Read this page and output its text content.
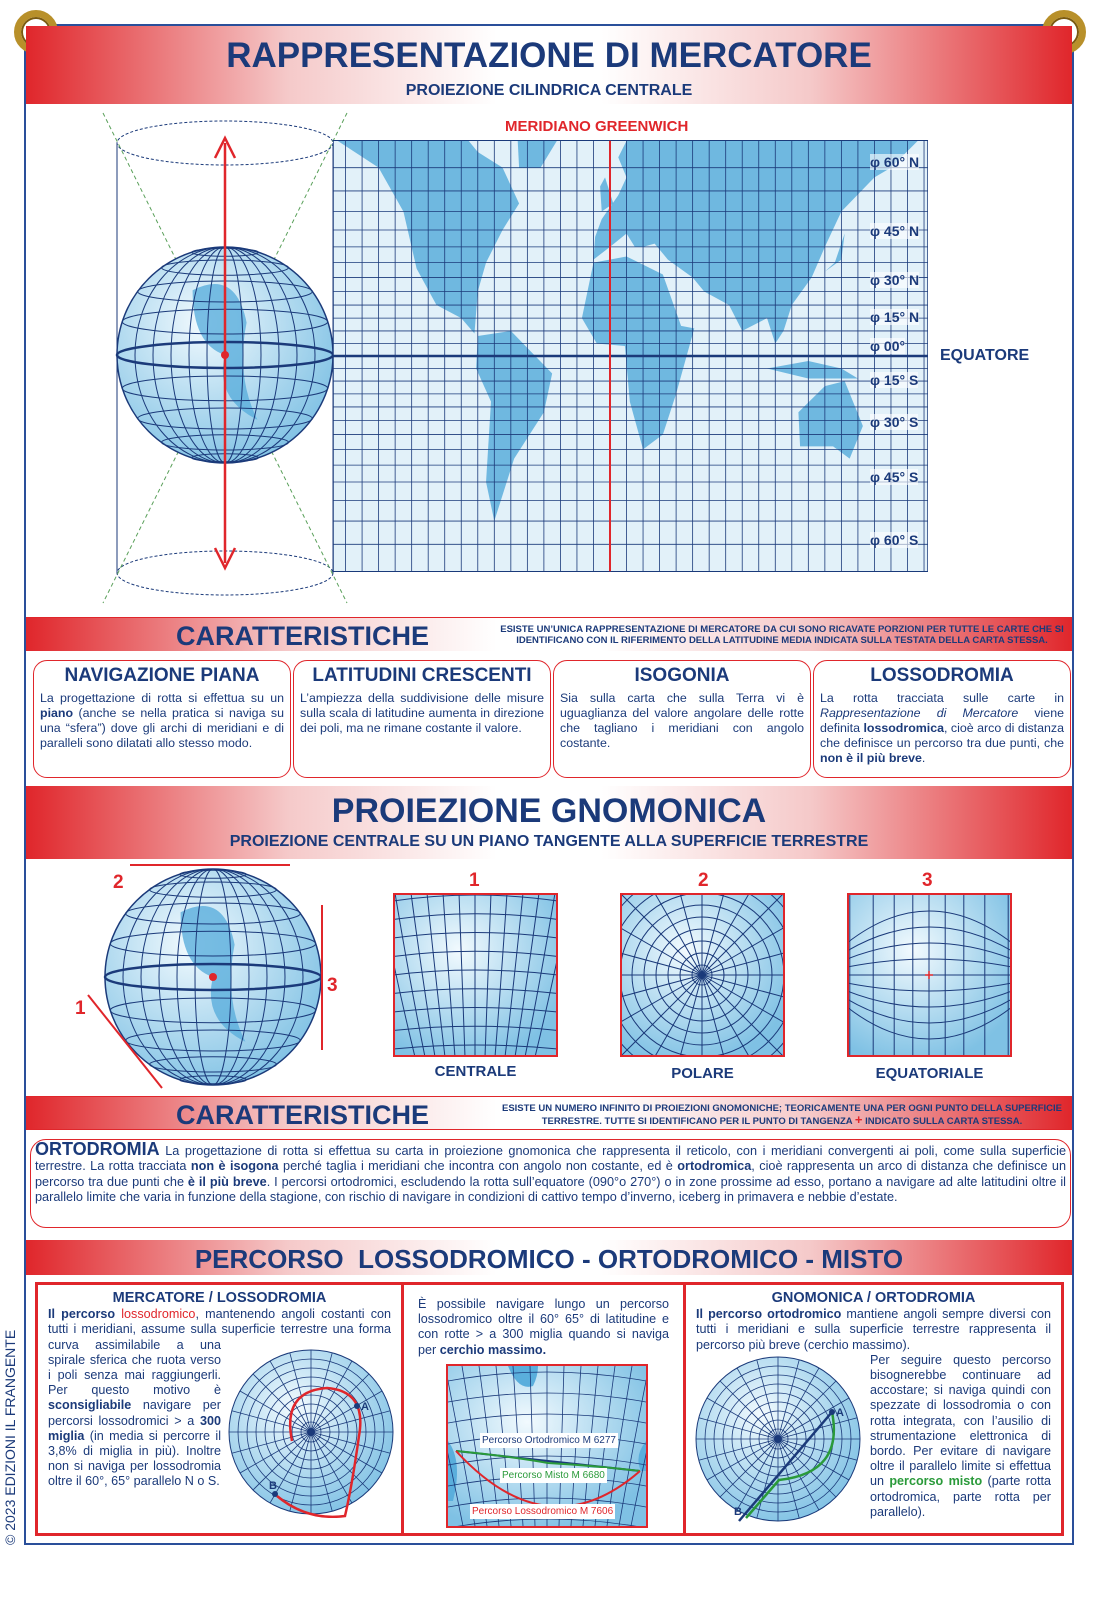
RAPPRESENTAZIONE DI MERCATORE
PROIEZIONE CILINDRICA CENTRALE
MERIDIANO GREENWICH
EQUATORE
φ 60° N
φ 45° N
φ 30° N
φ 15° N
φ 00°
φ 15° S
φ 30° S
φ 45° S
φ 60° S
CARATTERISTICHE	ESISTE UN’UNICA RAPPRESENTAZIONE DI MERCATORE DA CUI SONO RICAVATE PORZIONI PER TUTTE LE CARTE CHE SI IDENTIFICANO CON IL RIFERIMENTO DELLA LATITUDINE MEDIA INDICATA SULLA TESTATA DELLA CARTA STESSA.
NAVIGAZIONE PIANA

La progettazione di rotta si effettua su un piano (anche se nella pratica si naviga su una “sfera”) dove gli archi di meridiani e di paralleli sono dilatati allo stesso modo.

LATITUDINI CRESCENTI

L’ampiezza della suddivisione delle misure sulla scala di latitudine aumenta in direzione dei poli, ma ne rimane costante il valore.

ISOGONIA

Sia sulla carta che sulla Terra vi è uguaglianza del valore angolare delle rotte che tagliano i meridiani con angolo costante.

LOSSODROMIA

La rotta tracciata sulle carte in Rappresentazione di Mercatore viene definita lossodromica, cioè arco di distanza che definisce un percorso tra due punti, che non è il più breve.

PROIEZIONE GNOMONICA
PROIEZIONE CENTRALE SU UN PIANO TANGENTE ALLA SUPERFICIE TERRESTRE
1
2
3
1
CENTRALE
2
POLARE
3
EQUATORIALE
CARATTERISTICHE	ESISTE UN NUMERO INFINITO DI PROIEZIONI GNOMONICHE; TEORICAMENTE UNA PER OGNI PUNTO DELLA SUPERFICIE TERRESTRE. TUTTE SI IDENTIFICANO PER IL PUNTO DI TANGENZA + INDICATO SULLA CARTA STESSA.

ORTODROMIA La progettazione di rotta si effettua su carta in proiezione gnomonica che rappresenta il reticolo, con i meridiani convergenti ai poli, come sulla superficie terrestre. La rotta tracciata non è isogona perché taglia i meridiani che incontra con angolo non costante, ed è ortodromica, cioè rappresenta un arco di distanza che definisce un percorso tra due punti che è il più breve. I percorsi ortodromici, escludendo la rotta sull’equatore (090°o 270°) o in zone prossime ad esso, portano a navigare ad alte latitudini oltre il parallelo limite che varia in funzione della stagione, con rischio di navigare in condizioni di cattivo tempo d’inverno, iceberg in primavera e nebbie d’estate.

PERCORSO  LOSSODROMICO - ORTODROMICO - MISTO
MERCATORE / LOSSODROMIA

Il percorso lossodromico, mantenendo angoli costanti con tutti i meridiani, assume sulla superficie terrestre una
A
B
forma curva assimilabile a una spirale sferica che ruota verso i poli senza mai raggiungerli. Per questo motivo è sconsigliabile navigare per percorsi lossodromici > a 300 miglia (in media si percorre il 3,8% di miglia in più). Inoltre non si naviga per lossodromia oltre il 60°, 65° parallelo N o S.

È possibile navigare lungo un percorso lossodromico oltre il 60° 65° di latitudine e con rotte > a 300 miglia quando si naviga per cerchio massimo.

Percorso Ortodromico M 6277
Percorso Misto M 6680
Percorso Lossodromico M 7606
GNOMONICA / ORTODROMIA

Il percorso ortodromico mantiene angoli sempre diversi con tutti i meridiani e sulla superficie terrestre rappresenta il percorso più breve (cerchio massimo).

A
B

Per seguire questo percorso bisognerebbe continuare ad accostare; si naviga quindi con spezzate di lossodromia o con rotta integrata, con l’ausilio di strumentazione elettronica di bordo. Per evitare di navigare oltre il parallelo limite si effettua un percorso misto (parte rotta ortodromica, parte rotta per parallelo).

© 2023 EDIZIONI IL FRANGENTE
